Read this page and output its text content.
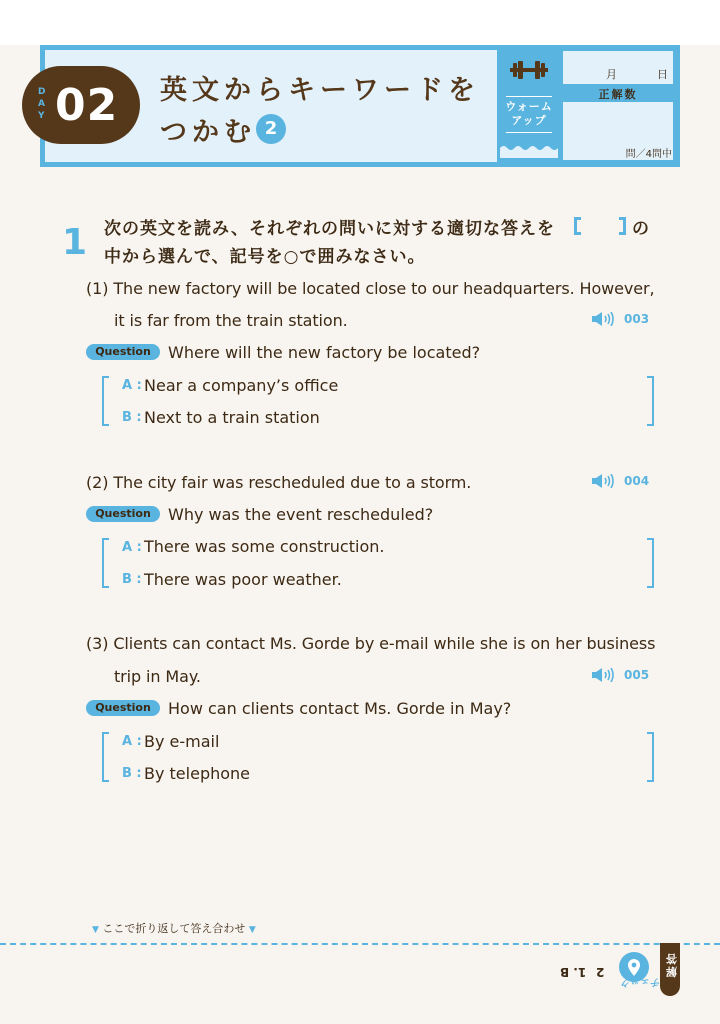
D
A
Y 02 英文からキーワードを
つかむ 2
ウォーム
アップ
月	日
正解数
問／4問中
1 次の英文を読み、それぞれの問いに対する適切な答えを	の
中から選んで、記号を○で囲みなさい。
(1) The new factory will be located close to our headquarters. However,
it is far from the train station.	003
Question	Where will the new factory be located?
A : Near a company’s office
B : Next to a train station
(2) The city fair was rescheduled due to a storm.	004
Question	Why was the event rescheduled?
A : There was some construction.
B : There was poor weather.
(3) Clients can contact Ms. Gorde by e-mail while she is on her business
trip in May.	005
Question	How can clients contact Ms. Gorde in May?
A : By e-mail
B : By telephone
▼ ここで折り返して答え合わせ ▼
1. B 2
チェック
解答
